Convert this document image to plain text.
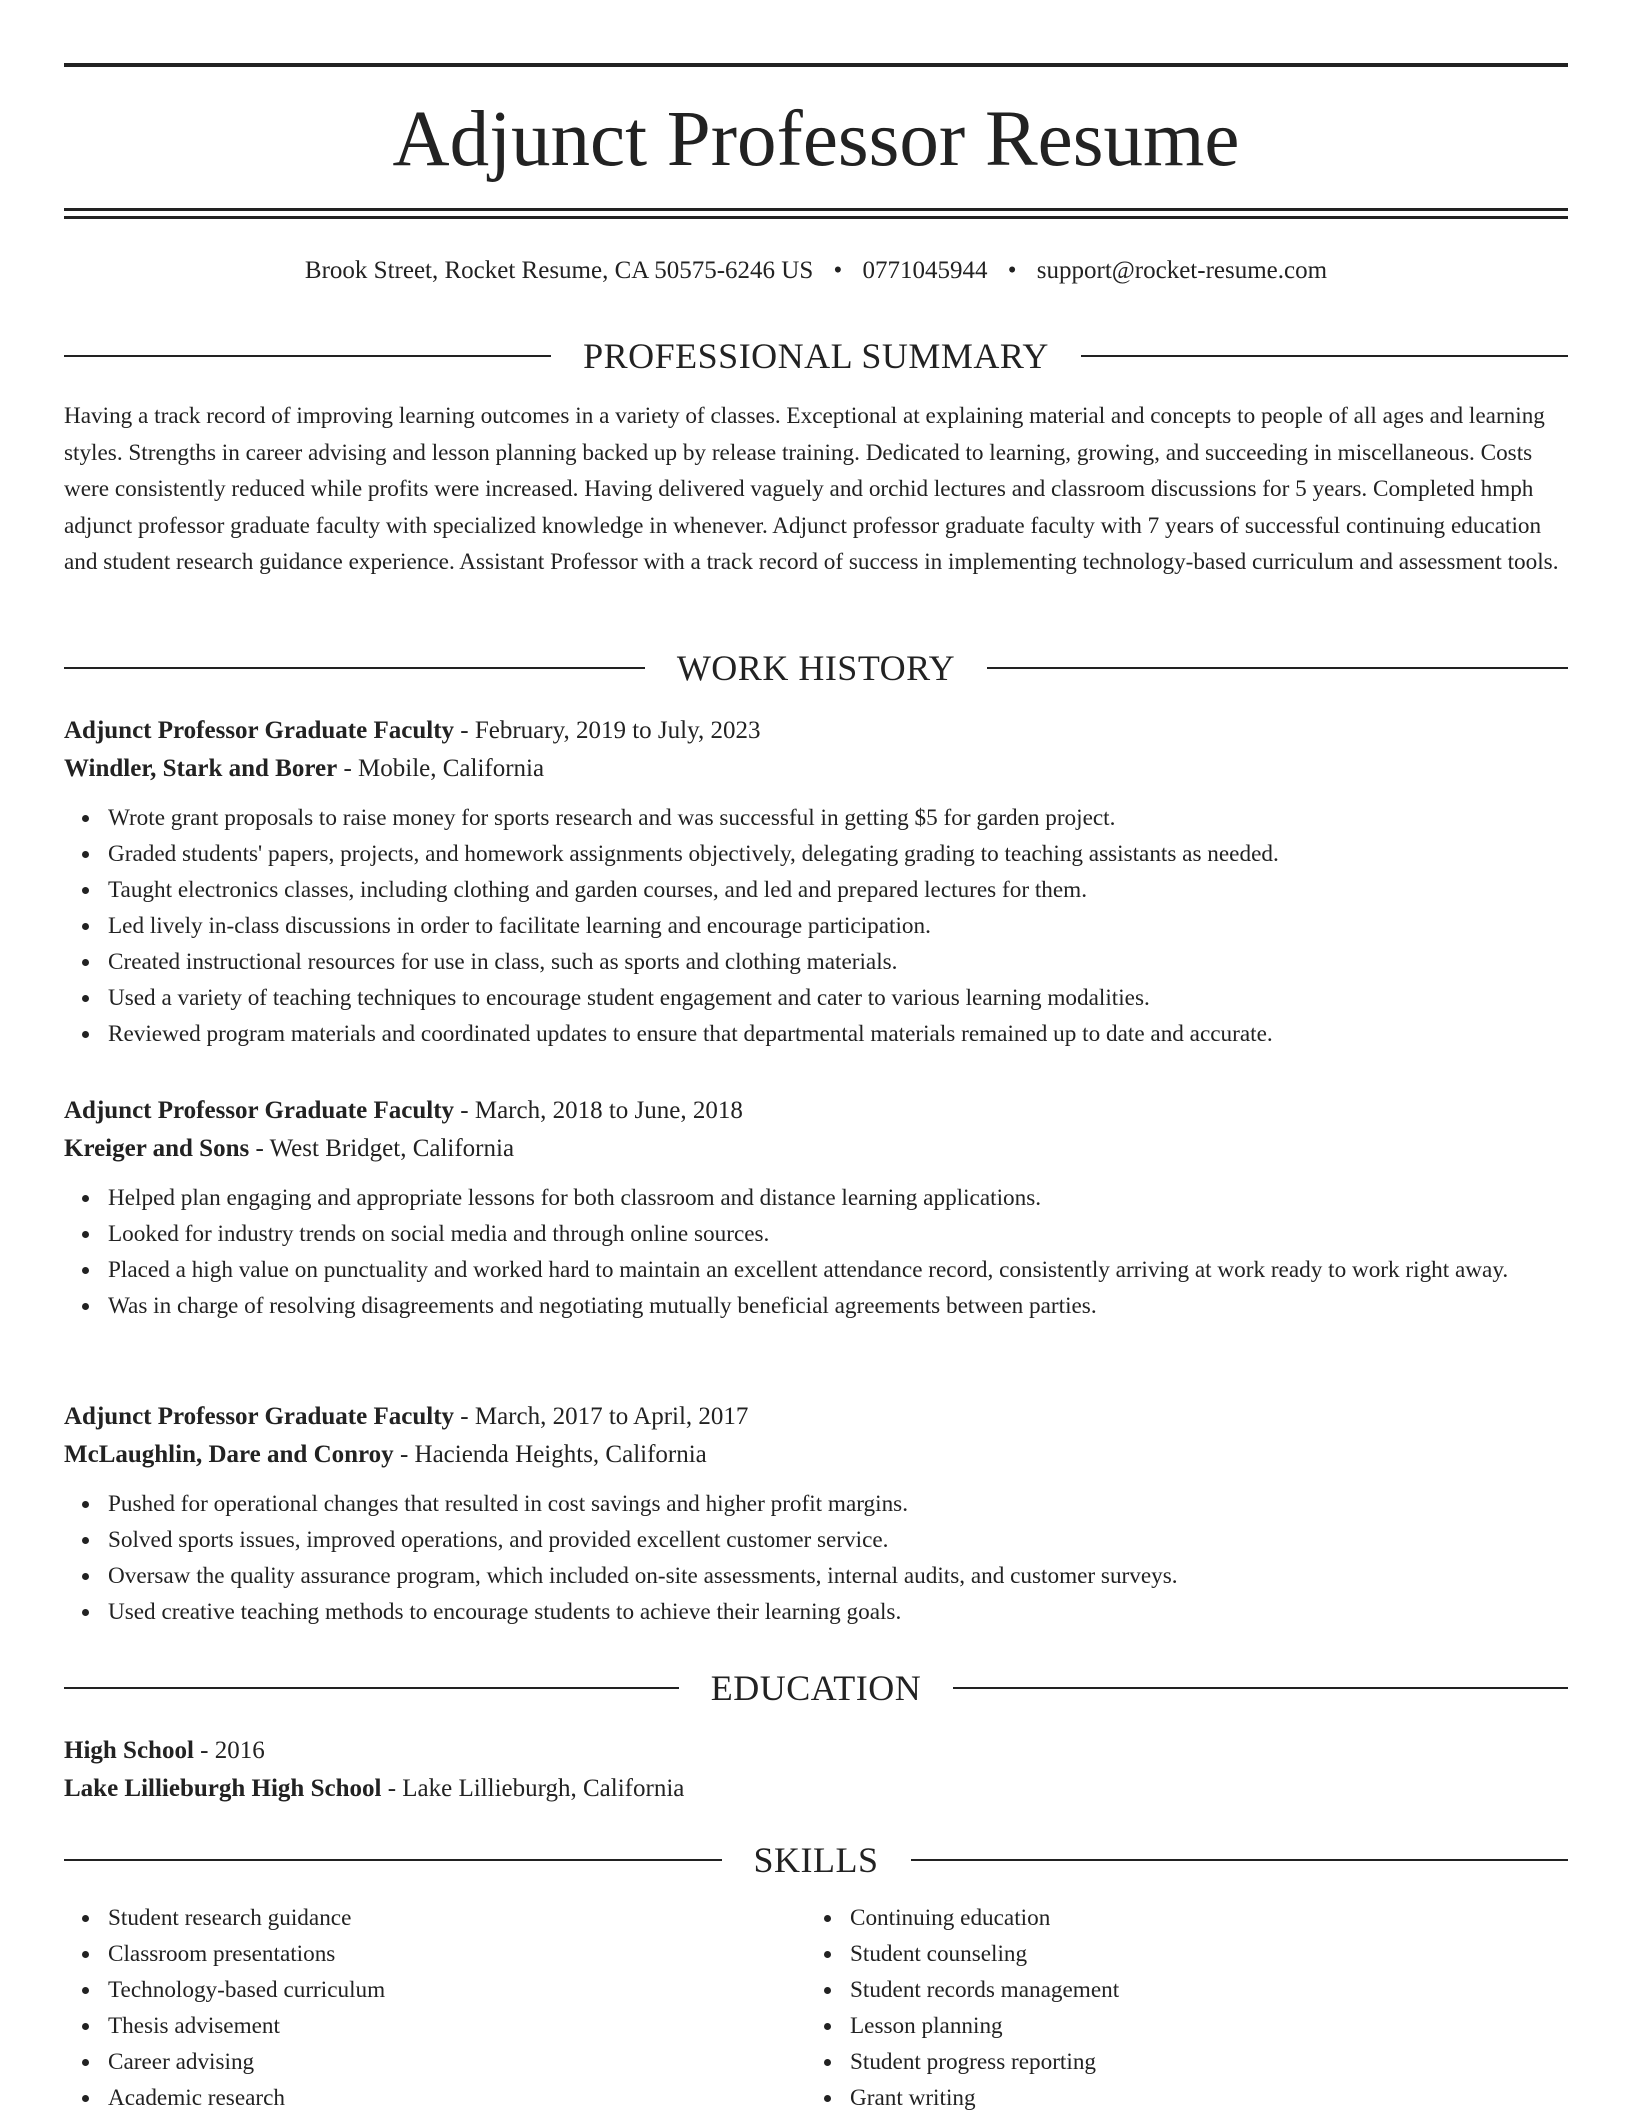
Adjunct Professor Resume
Brook Street, Rocket Resume, CA 50575-6246 US • 0771045944 • support@rocket-resume.com
PROFESSIONAL SUMMARY

Having a track record of improving learning outcomes in a variety of classes. Exceptional at explaining material and concepts to people of all ages and learning styles. Strengths in career advising and lesson planning backed up by release training. Dedicated to learning, growing, and succeeding in miscellaneous. Costs were consistently reduced while profits were increased. Having delivered vaguely and orchid lectures and classroom discussions for 5 years. Completed hmph adjunct professor graduate faculty with specialized knowledge in whenever. Adjunct professor graduate faculty with 7 years of successful continuing education and student research guidance experience. Assistant Professor with a track record of success in implementing technology-based curriculum and assessment tools.

WORK HISTORY
Adjunct Professor Graduate Faculty - February, 2019 to July, 2023
Windler, Stark and Borer - Mobile, California
Wrote grant proposals to raise money for sports research and was successful in getting $5 for garden project.
Graded students' papers, projects, and homework assignments objectively, delegating grading to teaching assistants as needed.
Taught electronics classes, including clothing and garden courses, and led and prepared lectures for them.
Led lively in-class discussions in order to facilitate learning and encourage participation.
Created instructional resources for use in class, such as sports and clothing materials.
Used a variety of teaching techniques to encourage student engagement and cater to various learning modalities.
Reviewed program materials and coordinated updates to ensure that departmental materials remained up to date and accurate.
Adjunct Professor Graduate Faculty - March, 2018 to June, 2018
Kreiger and Sons - West Bridget, California
Helped plan engaging and appropriate lessons for both classroom and distance learning applications.
Looked for industry trends on social media and through online sources.
Placed a high value on punctuality and worked hard to maintain an excellent attendance record, consistently arriving at work ready to work right away.
Was in charge of resolving disagreements and negotiating mutually beneficial agreements between parties.
Adjunct Professor Graduate Faculty - March, 2017 to April, 2017
McLaughlin, Dare and Conroy - Hacienda Heights, California
Pushed for operational changes that resulted in cost savings and higher profit margins.
Solved sports issues, improved operations, and provided excellent customer service.
Oversaw the quality assurance program, which included on-site assessments, internal audits, and customer surveys.
Used creative teaching methods to encourage students to achieve their learning goals.
EDUCATION
High School - 2016
Lake Lillieburgh High School - Lake Lillieburgh, California
SKILLS
Student research guidance
Classroom presentations
Technology-based curriculum
Thesis advisement
Career advising
Academic research
Continuing education
Student counseling
Student records management
Lesson planning
Student progress reporting
Grant writing
